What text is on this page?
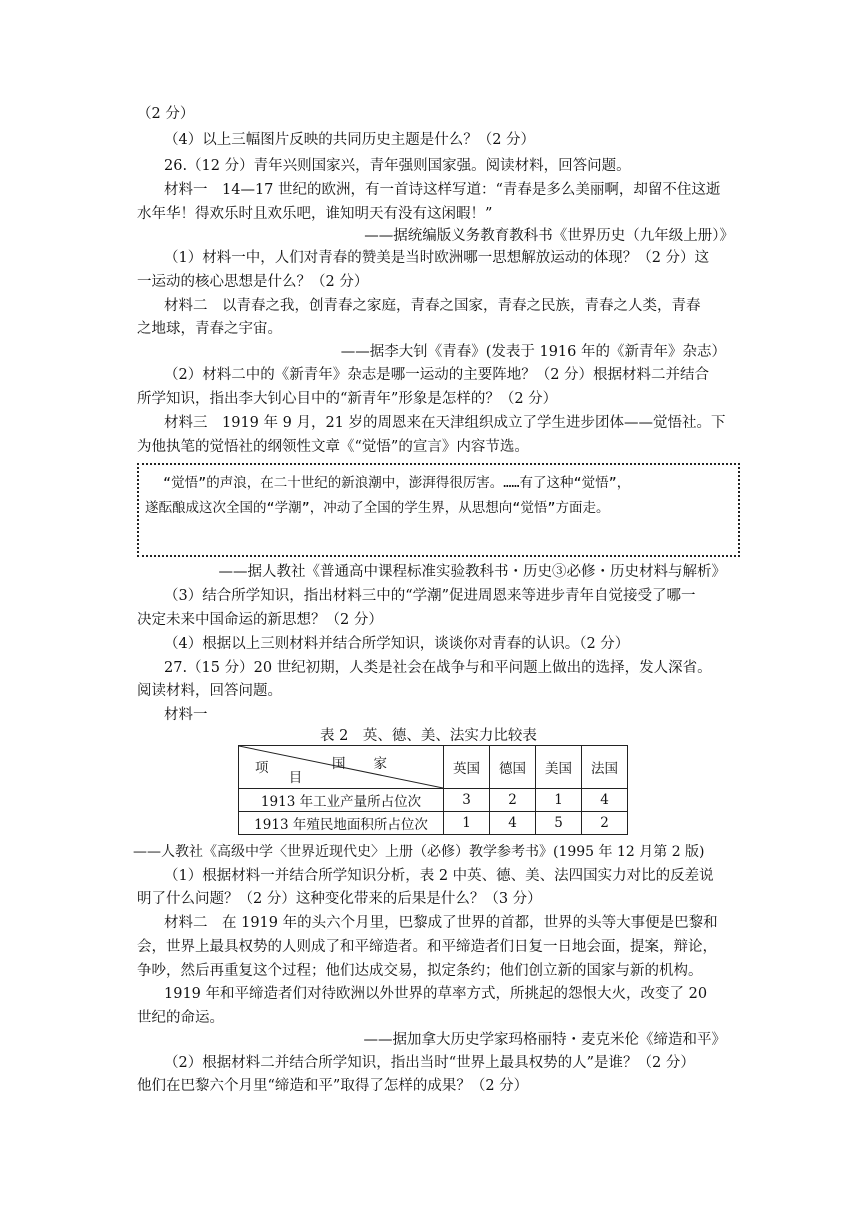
（2 分）
（4）以上三幅图片反映的共同历史主题是什么？（2 分）
26.（12 分）青年兴则国家兴，青年强则国家强。阅读材料，回答问题。
材料一　14—17 世纪的欧洲，有一首诗这样写道：“青春是多么美丽啊，却留不住这逝
水年华！得欢乐时且欢乐吧，谁知明天有没有这闲暇！”
——据统编版义务教育教科书《世界历史（九年级上册）》
（1）材料一中，人们对青春的赞美是当时欧洲哪一思想解放运动的体现？（2 分）这
一运动的核心思想是什么？（2 分）
材料二　以青春之我，创青春之家庭，青春之国家，青春之民族，青春之人类，青春
之地球，青春之宇宙。
——据李大钊《青春》(发表于 1916 年的《新青年》杂志）
（2）材料二中的《新青年》杂志是哪一运动的主要阵地？（2 分）根据材料二并结合
所学知识，指出李大钊心目中的“新青年”形象是怎样的？（2 分）
材料三　1919 年 9 月，21 岁的周恩来在天津组织成立了学生进步团体——觉悟社。下
为他执笔的觉悟社的纲领性文章《“觉悟”的宣言》内容节选。
“觉悟”的声浪，在二十世纪的新浪潮中，澎湃得很厉害。……有了这种“觉悟”，
遂酝酿成这次全国的“学潮”，冲动了全国的学生界，从思想向“觉悟”方面走。
——据人教社《普通高中课程标准实验教科书・历史③必修・历史材料与解析》
（3）结合所学知识，指出材料三中的“学潮”促进周恩来等进步青年自觉接受了哪一
决定未来中国命运的新思想？（2 分）
（4）根据以上三则材料并结合所学知识，谈谈你对青春的认识。（2 分）
27.（15 分）20 世纪初期，人类是社会在战争与和平问题上做出的选择，发人深省。
阅读材料，回答问题。
材料一
表 2　英、德、美、法实力比较表
国家
项  目	英国	德国	美国	法国
1913 年工业产量所占位次	3	2	1	4
1913 年殖民地面积所占位次	1	4	5	2
——人教社《高级中学〈世界近现代史〉上册（必修）教学参考书》(1995 年 12 月第 2 版)
（1）根据材料一并结合所学知识分析，表 2 中英、德、美、法四国实力对比的反差说
明了什么问题？（2 分）这种变化带来的后果是什么？（3 分）
材料二　在 1919 年的头六个月里，巴黎成了世界的首都，世界的头等大事便是巴黎和
会，世界上最具权势的人则成了和平缔造者。和平缔造者们日复一日地会面，提案，辩论，
争吵，然后再重复这个过程；他们达成交易，拟定条约；他们创立新的国家与新的机构。
1919 年和平缔造者们对待欧洲以外世界的草率方式，所挑起的怨恨大火，改变了 20
世纪的命运。
——据加拿大历史学家玛格丽特・麦克米伦《缔造和平》
（2）根据材料二并结合所学知识，指出当时“世界上最具权势的人”是谁？（2 分）
他们在巴黎六个月里“缔造和平”取得了怎样的成果？（2 分）
